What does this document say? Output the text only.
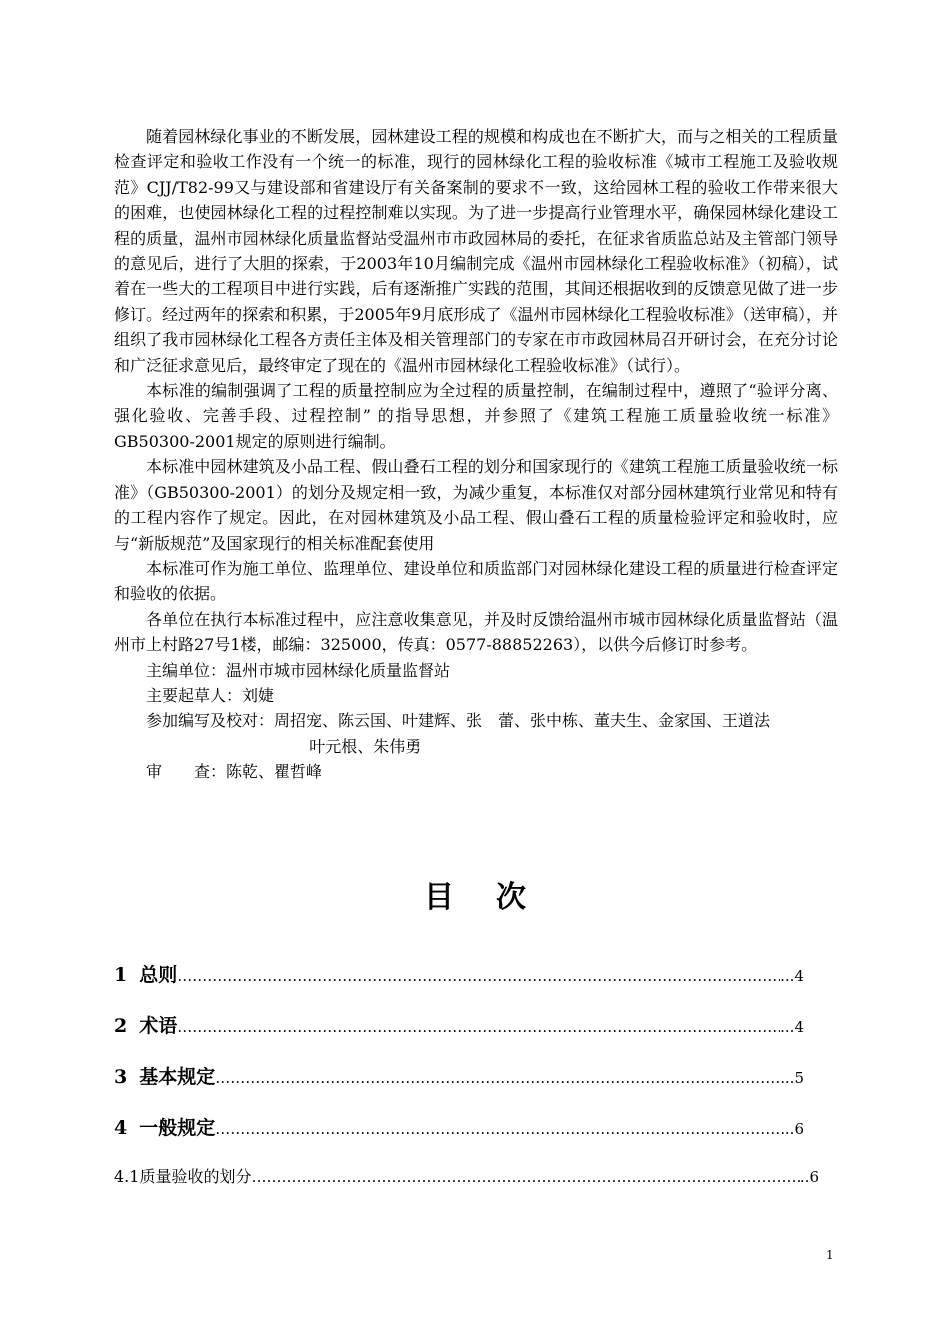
随着园林绿化事业的不断发展，园林建设工程的规模和构成也在不断扩大，而与之相关的工程质量检查评定和验收工作没有一个统一的标准，现行的园林绿化工程的验收标准《城市工程施工及验收规范》CJJ/T82-99又与建设部和省建设厅有关备案制的要求不一致，这给园林工程的验收工作带来很大的困难，也使园林绿化工程的过程控制难以实现。为了进一步提高行业管理水平，确保园林绿化建设工程的质量，温州市园林绿化质量监督站受温州市市政园林局的委托，在征求省质监总站及主管部门领导的意见后，进行了大胆的探索，于2003年10月编制完成《温州市园林绿化工程验收标准》（初稿），试着在一些大的工程项目中进行实践，后有逐渐推广实践的范围，其间还根据收到的反馈意见做了进一步修订。经过两年的探索和积累，于2005年9月底形成了《温州市园林绿化工程验收标准》（送审稿），并组织了我市园林绿化工程各方责任主体及相关管理部门的专家在市市政园林局召开研讨会，在充分讨论和广泛征求意见后，最终审定了现在的《温州市园林绿化工程验收标准》（试行）。

本标准的编制强调了工程的质量控制应为全过程的质量控制，在编制过程中，遵照了“验评分离、强化验收、完善手段、过程控制” 的指导思想，并参照了《建筑工程施工质量验收统一标准》GB50300-2001规定的原则进行编制。

本标准中园林建筑及小品工程、假山叠石工程的划分和国家现行的《建筑工程施工质量验收统一标准》（GB50300-2001）的划分及规定相一致，为减少重复，本标准仅对部分园林建筑行业常见和特有的工程内容作了规定。因此，在对园林建筑及小品工程、假山叠石工程的质量检验评定和验收时，应与“新版规范”及国家现行的相关标准配套使用

本标准可作为施工单位、监理单位、建设单位和质监部门对园林绿化建设工程的质量进行检查评定和验收的依据。

各单位在执行本标准过程中，应注意收集意见，并及时反馈给温州市城市园林绿化质量监督站（温州市上村路27号1楼，邮编：325000，传真：0577-88852263），以供今后修订时参考。

主编单位：温州市城市园林绿化质量监督站
主要起草人：刘婕
参加编写及校对：周招宠、陈云国、叶建辉、张　蕾、张中栋、董夫生、金家国、王道法
叶元根、朱伟勇
审　　查：陈乾、瞿哲峰
目次
1 总则 ………………………………………………………………………………………………………………………	...4
2 术语 ………………………………………………………………………………………………………………………	...4
3 基本规定 ………………………………………………………………………………………………………………………	..5
4 一般规定 ………………………………………………………………………………………………………………………	..6
4.1质量验收的划分 ………………………………………………………………………………………………………………………	..6
1
